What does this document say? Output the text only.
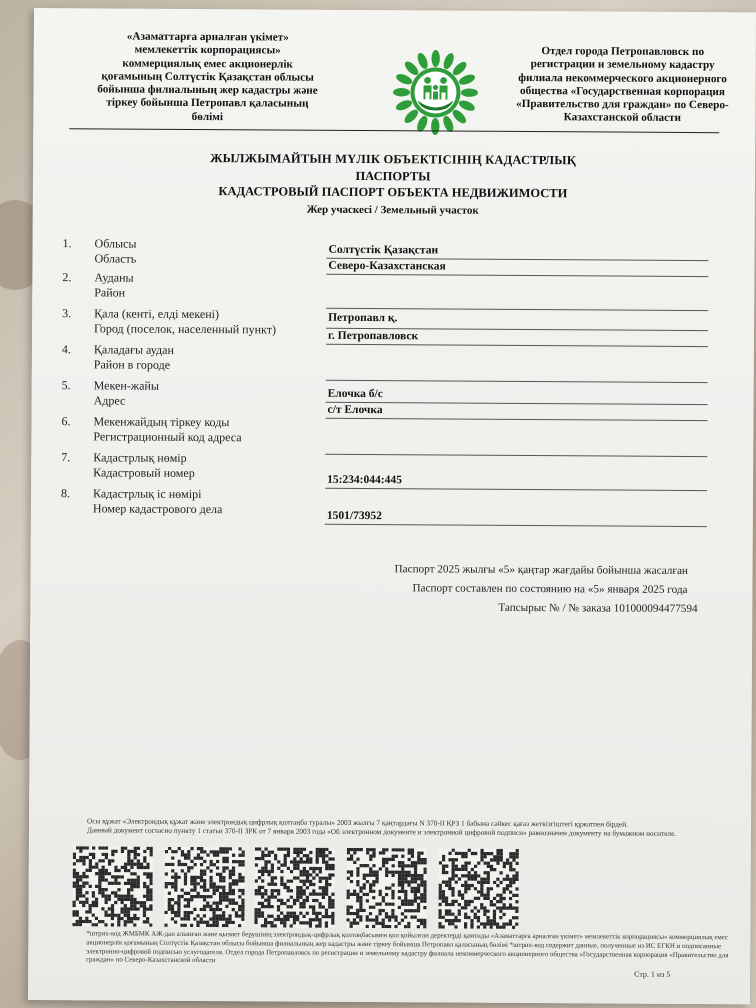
«Азаматтарға арналған үкімет»
мемлекеттік корпорациясы»
коммерциялық емес акционерлік
қоғамының Солтүстік Қазақстан облысы
бойынша филиалының жер кадастры және
тіркеу бойынша Петропавл қаласының
бөлімі
Отдел города Петропавловск по
регистрации и земельному кадастру
филиала некоммерческого акционерного
общества «Государственная корпорация
«Правительство для граждан» по Северо-
Казахстанской области
ЖЫЛЖЫМАЙТЫН МҮЛІК ОБЪЕКТІСІНІҢ КАДАСТРЛЫҚ
ПАСПОРТЫ
КАДАСТРОВЫЙ ПАСПОРТ ОБЪЕКТА НЕДВИЖИМОСТИ
Жер учаскесі / Земельный участок
1. Облысы
Область
Солтүстік Қазақстан
Северо-Казахстанская
2. Ауданы
Район
3. Қала (кенті, елді мекені)
Город (поселок, населенный пункт)
Петропавл қ.
г. Петропавловск
4. Қаладағы аудан
Район в городе
5. Мекен-жайы
Адрес	Елочка б/с
с/т Елочка
6. Мекенжайдың тіркеу коды
Регистрационный код адреса
7. Кадастрлық нөмір
Кадастровый номер
15:234:044:445
8. Кадастрлық іс нөмірі
Номер кадастрового дела	1501/73952
Паспорт 2025 жылғы «5» қаңтар жағдайы бойынша жасалған
Паспорт составлен по состоянию на «5» января 2025 года
Тапсырыс № / № заказа 101000094477594
Осы құжат «Электрондық құжат және электрондық цифрлық қолтаңба туралы» 2003 жылғы 7 қаңтардағы N 370-II ҚРЗ 1 бабына сәйкес қағаз жеткізгіштегі құжатпен бірдей.
Данный документ согласно пункту 1 статьи 370-II ЗРК от 7 января 2003 года «Об электронном документе и электронной цифровой подписи» равнозначен документу на бумажном носителе.
*штрих-код ЖМБМК АЖ-дан алынған және қызмет берушінің электрондық-цифрлық қолтаңбасымен қол қойылған деректерді қамтиды «Азаматтарға арналған үкімет» мемлекеттік корпорациясы» коммерциялық емес акционерлік қоғамының Солтүстік Қазақстан облысы бойынша филиалының жер кадастры және тіркеу бойынша Петропавл қаласының бөлімі *штрих-код содержит данные, полученные из ИС ЕГКН и подписанные электронно-цифровой подписью услугодателя. Отдел города Петропавловск по регистрации и земельному кадастру филиала некоммерческого акционерного общества «Государственная корпорация «Правительство для граждан» по Северо-Казахстанской области
Стр. 1 из 5
